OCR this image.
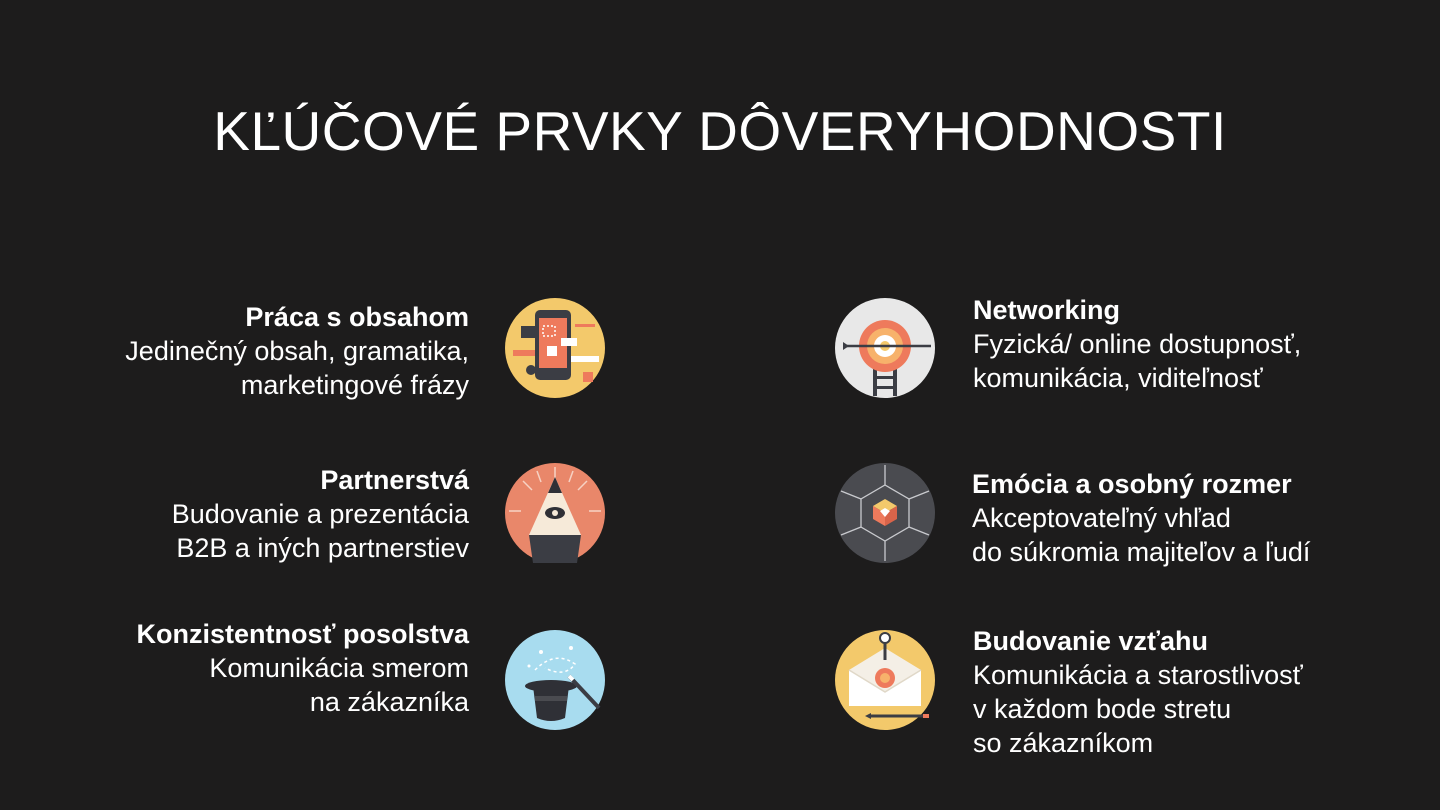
KĽÚČOVÉ PRVKY DÔVERYHODNOSTI
Práca s obsahom
Jedinečný obsah, gramatika,
marketingové frázy
Partnerstvá
Budovanie a prezentácia
B2B a iných partnerstiev
Konzistentnosť posolstva
Komunikácia smerom
na zákazníka
Networking
Fyzická/ online dostupnosť,
komunikácia, viditeľnosť
Emócia a osobný rozmer
Akceptovateľný vhľad
do súkromia majiteľov a ľudí
Budovanie vzťahu
Komunikácia a starostlivosť
v každom bode stretu
so zákazníkom
